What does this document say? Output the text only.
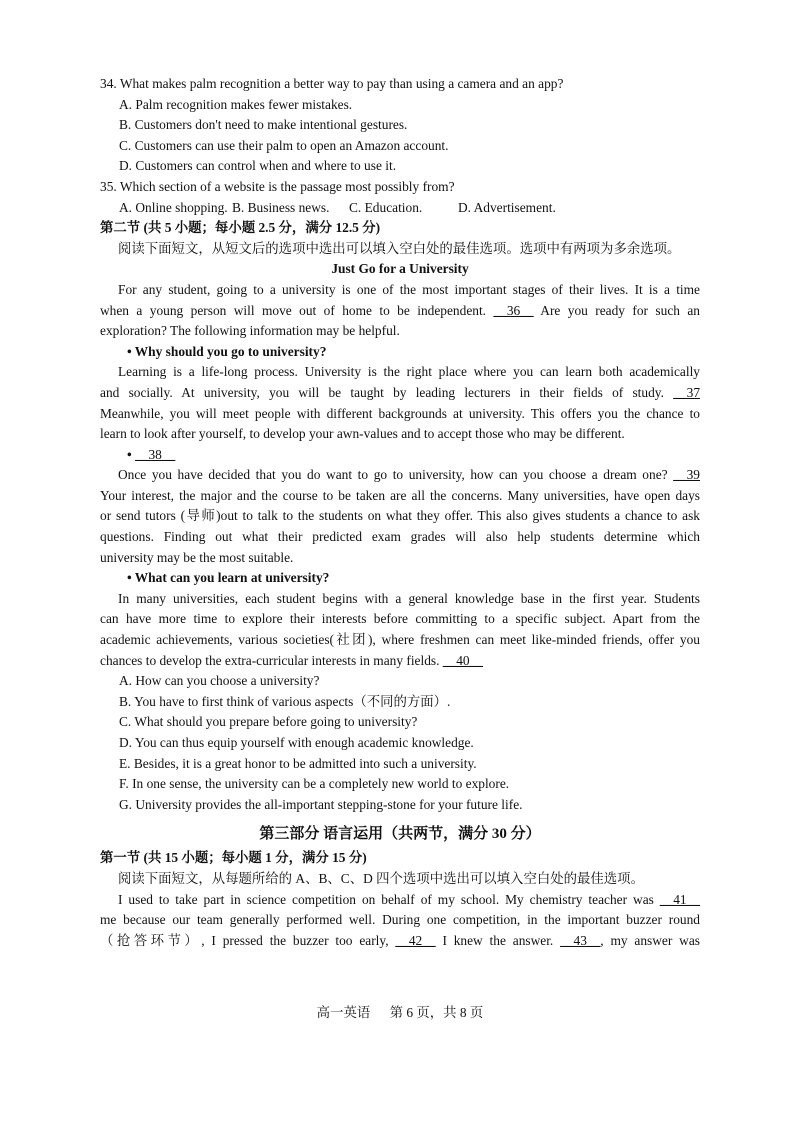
34. What makes palm recognition a better way to pay than using a camera and an app?
A. Palm recognition makes fewer mistakes.
B. Customers don't need to make intentional gestures.
C. Customers can use their palm to open an Amazon account.
D. Customers can control when and where to use it.
35. Which section of a website is the passage most possibly from?
A. Online shopping. B. Business news.	C. Education.	D. Advertisement.
第二节 (共 5 小题；每小题 2.5 分，满分 12.5 分)
阅读下面短文，从短文后的选项中选出可以填入空白处的最佳选项。选项中有两项为多余选项。
Just Go for a University
For any student, going to a university is one of the most important stages of their lives. It is a time
when a young person will move out of home to be independent. __36__ Are you ready for such an
exploration? The following information may be helpful.
• Why should you go to university?
Learning is a life-long process. University is the right place where you can learn both academically
and socially. At university, you will be taught by leading lecturers in their fields of study. __37
Meanwhile, you will meet people with different backgrounds at university. This offers you the chance to
learn to look after yourself, to develop your awn-values and to accept those who may be different.
• __38__
Once you have decided that you do want to go to university, how can you choose a dream one? __39
Your interest, the major and the course to be taken are all the concerns. Many universities, have open days
or send tutors (导师)out to talk to the students on what they offer. This also gives students a chance to ask
questions. Finding out what their predicted exam grades will also help students determine which
university may be the most suitable.
• What can you learn at university?
In many universities, each student begins with a general knowledge base in the first year. Students
can have more time to explore their interests before committing to a specific subject. Apart from the
academic achievements, various societies(社团), where freshmen can meet like-minded friends, offer you
chances to develop the extra-curricular interests in many fields. __40__
A. How can you choose a university?
B. You have to first think of various aspects（不同的方面）.
C. What should you prepare before going to university?
D. You can thus equip yourself with enough academic knowledge.
E. Besides, it is a great honor to be admitted into such a university.
F. In one sense, the university can be a completely new world to explore.
G. University provides the all-important stepping-stone for your future life.
第三部分 语言运用（共两节，满分 30 分）
第一节 (共 15 小题；每小题 1 分，满分 15 分)
阅读下面短文，从每题所给的 A、B、C、D 四个选项中选出可以填入空白处的最佳选项。
I used to take part in science competition on behalf of my school. My chemistry teacher was __41__
me because our team generally performed well. During one competition, in the important buzzer round
（抢答环节）, I pressed the buzzer too early, __42__ I knew the answer. __43__, my answer was
高一英语 第 6 页，共 8 页
